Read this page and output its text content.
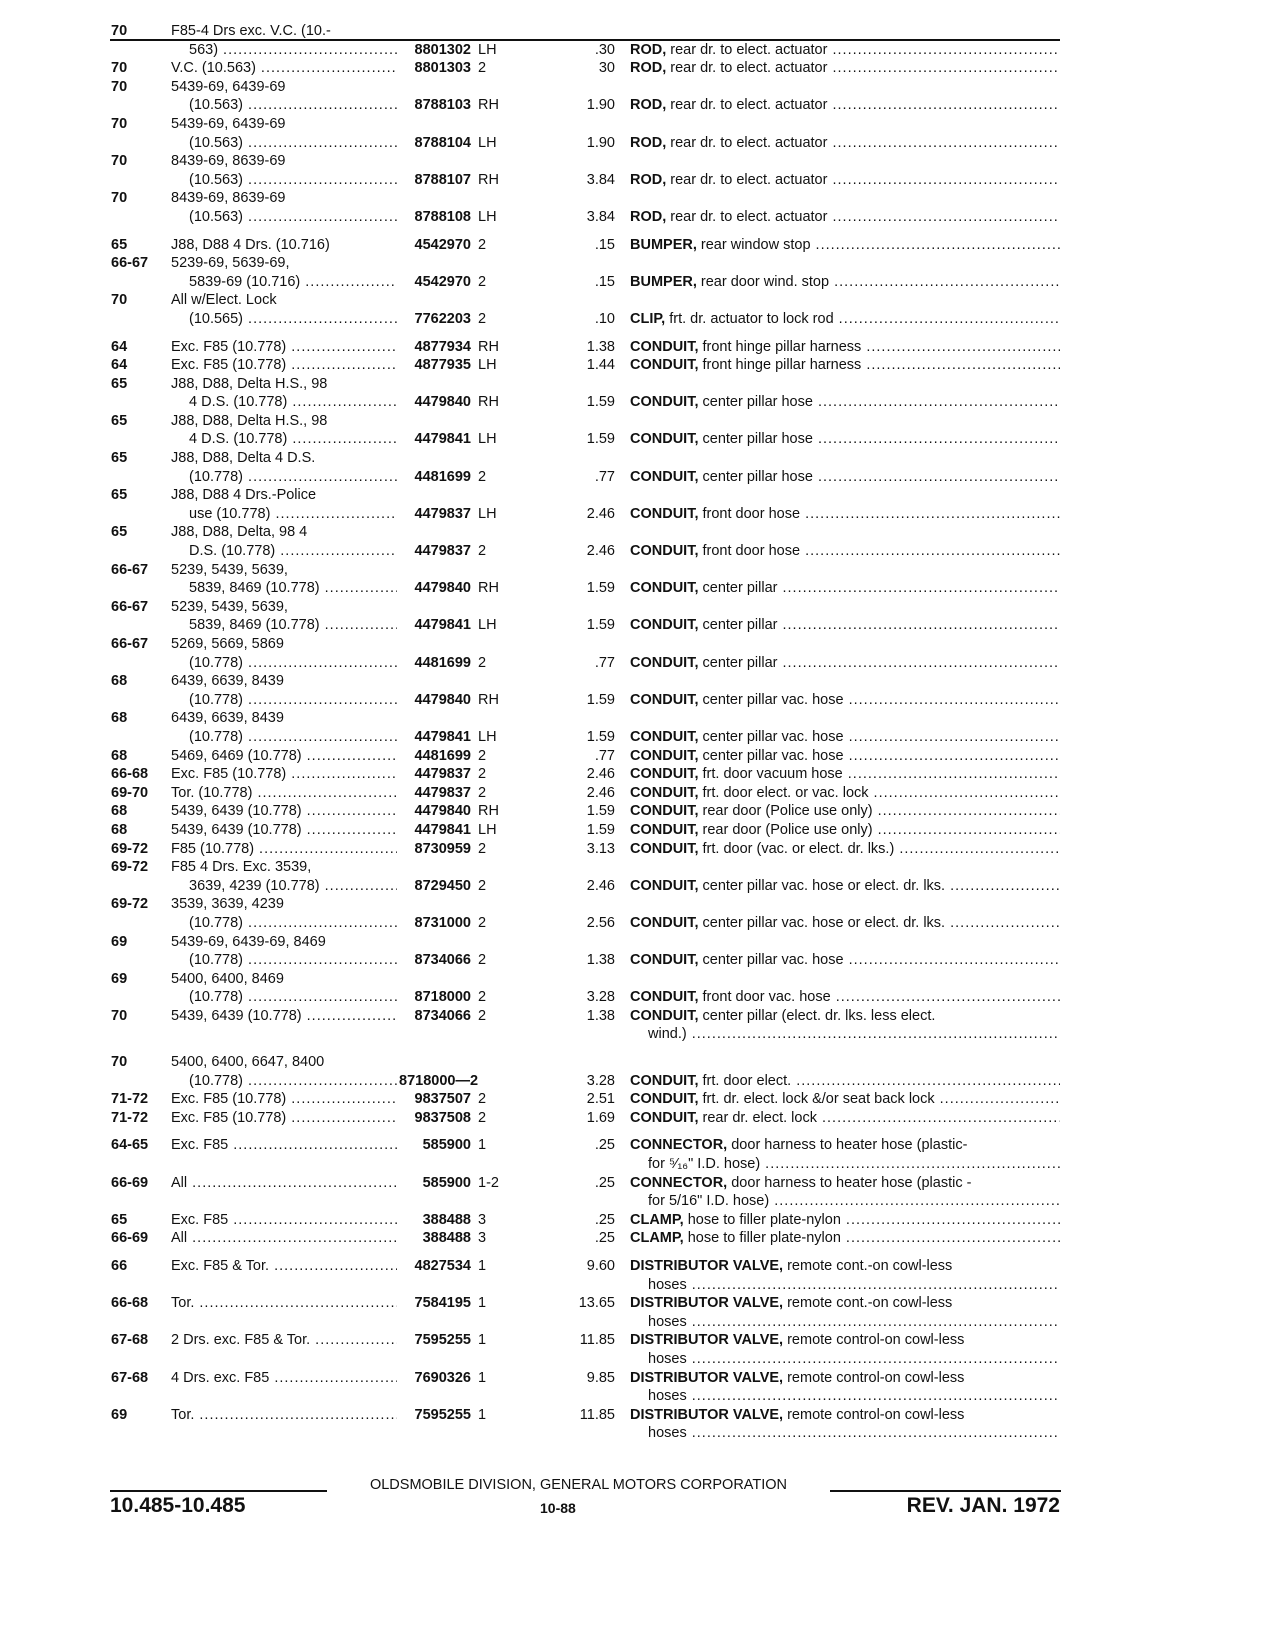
70	F85-4 Drs exc. V.C. (10.-
563) .....	8801302 LH	.30 ROD, rear dr. to elect. actuator .....
70	V.C. (10.563) .....	8801303 2	30 ROD, rear dr. to elect. actuator .....
70	5439-69, 6439-69
(10.563) .....	8788103 RH	1.90 ROD, rear dr. to elect. actuator .....
70	5439-69, 6439-69
(10.563) .....	8788104 LH	1.90 ROD, rear dr. to elect. actuator .....
70	8439-69, 8639-69
(10.563) .....	8788107 RH	3.84 ROD, rear dr. to elect. actuator .....
70	8439-69, 8639-69
(10.563) .....	8788108 LH	3.84 ROD, rear dr. to elect. actuator .....
65	J88, D88 4 Drs. (10.716)	4542970 2	.15 BUMPER, rear window stop .....
66-67 5239-69, 5639-69,
5839-69 (10.716) .....	4542970 2	.15 BUMPER, rear door wind. stop .....
70	All w/Elect. Lock
(10.565) .....	7762203 2	.10 CLIP, frt. dr. actuator to lock rod .....
64	Exc. F85 (10.778) .....	4877934 RH	1.38 CONDUIT, front hinge pillar harness .....
64	Exc. F85 (10.778) .....	4877935 LH	1.44 CONDUIT, front hinge pillar harness .....
65	J88, D88, Delta H.S., 98
4 D.S. (10.778) .....	4479840 RH	1.59 CONDUIT, center pillar hose .....
65	J88, D88, Delta H.S., 98
4 D.S. (10.778) .....	4479841 LH	1.59 CONDUIT, center pillar hose .....
65	J88, D88, Delta 4 D.S.
(10.778) .....	4481699 2	.77 CONDUIT, center pillar hose .....
65	J88, D88 4 Drs.-Police
use (10.778) .....	4479837 LH	2.46 CONDUIT, front door hose .....
65	J88, D88, Delta, 98 4
D.S. (10.778) .....	4479837 2	2.46 CONDUIT, front door hose .....
66-67 5239, 5439, 5639,
5839, 8469 (10.778) .....	4479840 RH	1.59 CONDUIT, center pillar .....
66-67 5239, 5439, 5639,
5839, 8469 (10.778) .....	4479841 LH	1.59 CONDUIT, center pillar .....
66-67 5269, 5669, 5869
(10.778) .....	4481699 2	.77 CONDUIT, center pillar .....
68	6439, 6639, 8439
(10.778) .....	4479840 RH	1.59 CONDUIT, center pillar vac. hose .....
68	6439, 6639, 8439
(10.778) .....	4479841 LH	1.59 CONDUIT, center pillar vac. hose .....
68	5469, 6469 (10.778) .....	4481699 2	.77 CONDUIT, center pillar vac. hose .....
66-68 Exc. F85 (10.778) .....	4479837 2	2.46 CONDUIT, frt. door vacuum hose .....
69-70 Tor. (10.778) .....	4479837 2	2.46 CONDUIT, frt. door elect. or vac. lock .....
68	5439, 6439 (10.778) .....	4479840 RH	1.59 CONDUIT, rear door (Police use only) .....
68	5439, 6439 (10.778) .....	4479841 LH	1.59 CONDUIT, rear door (Police use only) .....
69-72 F85 (10.778) .....	8730959 2	3.13 CONDUIT, frt. door (vac. or elect. dr. lks.) .....
69-72 F85 4 Drs. Exc. 3539,
3639, 4239 (10.778) .....	8729450 2	2.46 CONDUIT, center pillar vac. hose or elect. dr. lks. .....
69-72 3539, 3639, 4239
(10.778) .....	8731000 2	2.56 CONDUIT, center pillar vac. hose or elect. dr. lks. .....
69	5439-69, 6439-69, 8469
(10.778) .....	8734066 2	1.38 CONDUIT, center pillar vac. hose .....
69	5400, 6400, 8469
(10.778) .....	8718000 2	3.28 CONDUIT, front door vac. hose .....
70	5439, 6439 (10.778) .....	8734066 2	1.38 CONDUIT, center pillar (elect. dr. lks. less elect.
wind.) .....
70	5400, 6400, 6647, 8400
(10.778) .....	8718000—2	3.28 CONDUIT, frt. door elect. .....
71-72 Exc. F85 (10.778) .....	9837507 2	2.51 CONDUIT, frt. dr. elect. lock &/or seat back lock .....
71-72 Exc. F85 (10.778) .....	9837508 2	1.69 CONDUIT, rear dr. elect. lock .....
64-65 Exc. F85 .....	585900 1	.25 CONNECTOR, door harness to heater hose (plastic-
for ⁵⁄₁₆" I.D. hose) .....
66-69 All .....	585900 1-2	.25 CONNECTOR, door harness to heater hose (plastic -
for 5/16" I.D. hose) .....
65	Exc. F85 .....	388488 3	.25 CLAMP, hose to filler plate-nylon .....
66-69 All .....	388488 3	.25 CLAMP, hose to filler plate-nylon .....
66	Exc. F85 & Tor. .....	4827534 1	9.60 DISTRIBUTOR VALVE, remote cont.-on cowl-less
hoses .....
66-68 Tor. .....	7584195 1	13.65 DISTRIBUTOR VALVE, remote cont.-on cowl-less
hoses .....
67-68 2 Drs. exc. F85 & Tor. .....	7595255 1	11.85 DISTRIBUTOR VALVE, remote control-on cowl-less
hoses .....
67-68 4 Drs. exc. F85 .....	7690326 1	9.85 DISTRIBUTOR VALVE, remote control-on cowl-less
hoses .....
69	Tor. .....	7595255 1	11.85 DISTRIBUTOR VALVE, remote control-on cowl-less
hoses .....
OLDSMOBILE DIVISION, GENERAL MOTORS CORPORATION
10.485-10.485	10-88	REV. JAN. 1972
